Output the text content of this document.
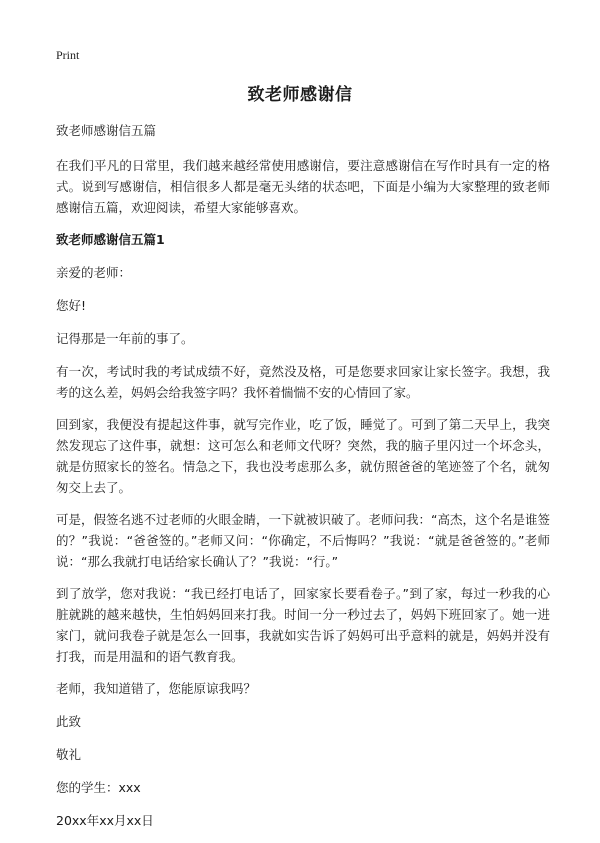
Print
致老师感谢信

致老师感谢信五篇

在我们平凡的日常里，我们越来越经常使用感谢信，要注意感谢信在写作时具有一定的格式。说到写感谢信，相信很多人都是毫无头绪的状态吧，下面是小编为大家整理的致老师感谢信五篇，欢迎阅读，希望大家能够喜欢。

致老师感谢信五篇1

亲爱的老师：

您好!

记得那是一年前的事了。

有一次，考试时我的考试成绩不好，竟然没及格，可是您要求回家让家长签字。我想，我考的这么差，妈妈会给我签字吗？我怀着惴惴不安的心情回了家。

回到家，我便没有提起这件事，就写完作业，吃了饭，睡觉了。可到了第二天早上，我突然发现忘了这件事，就想：这可怎么和老师文代呀？突然，我的脑子里闪过一个坏念头，就是仿照家长的签名。情急之下，我也没考虑那么多，就仿照爸爸的笔迹签了个名，就匆匆交上去了。

可是，假签名逃不过老师的火眼金睛，一下就被识破了。老师问我：“高杰，这个名是谁签的？”我说：“爸爸签的。”老师又问：“你确定，不后悔吗？”我说：“就是爸爸签的。”老师说：“那么我就打电话给家长确认了？”我说：“行。”

到了放学，您对我说：“我已经打电话了，回家家长要看卷子。”到了家，每过一秒我的心脏就跳的越来越快，生怕妈妈回来打我。时间一分一秒过去了，妈妈下班回家了。她一进家门，就问我卷子就是怎么一回事，我就如实告诉了妈妈可出乎意料的就是，妈妈并没有打我，而是用温和的语气教育我。

老师，我知道错了，您能原谅我吗？

此致

敬礼

您的学生：xxx

20xx年xx月xx日
